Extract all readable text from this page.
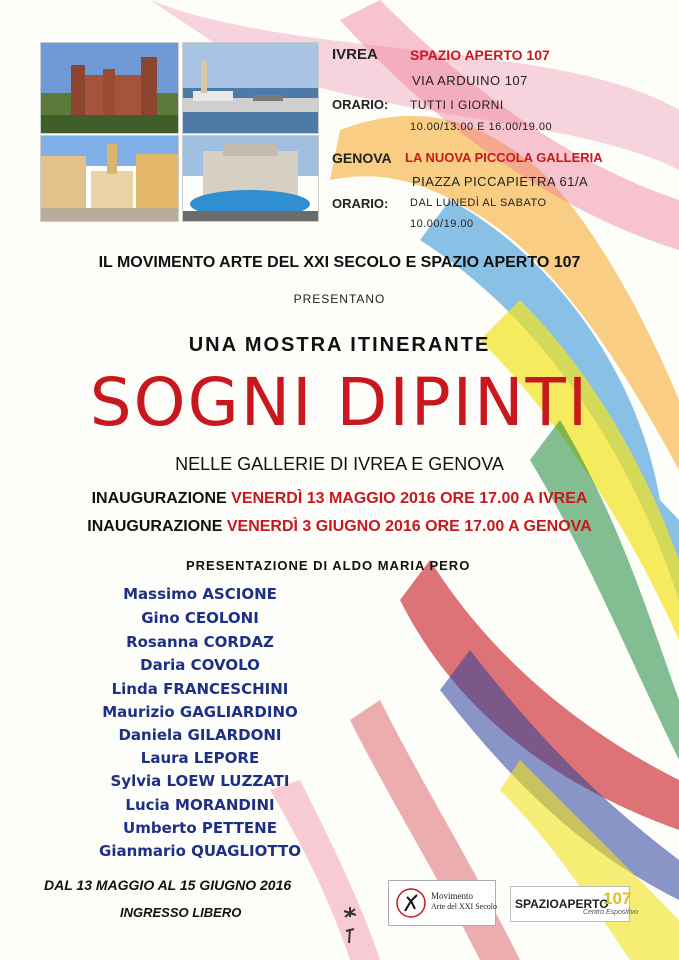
IVREA SPAZIO APERTO 107
VIA ARDUINO 107
ORARIO: TUTTI I GIORNI
10.00/13.00 E 16.00/19.00
GENOVA LA NUOVA PICCOLA GALLERIA
PIAZZA PICCAPIETRA 61/A
ORARIO: DAL LUNEDÌ AL SABATO
10.00/19.00
IL MOVIMENTO ARTE DEL XXI SECOLO E SPAZIO APERTO 107
PRESENTANO
UNA MOSTRA ITINERANTE
SOGNI DIPINTI
NELLE GALLERIE DI IVREA E GENOVA
INAUGURAZIONE VENERDÌ 13 MAGGIO 2016 ORE 17.00 A IVREA
INAUGURAZIONE VENERDÌ 3 GIUGNO 2016 ORE 17.00 A GENOVA
PRESENTAZIONE DI ALDO MARIA PERO
Massimo ASCIONE
Gino CEOLONI
Rosanna CORDAZ
Daria COVOLO
Linda FRANCESCHINI
Maurizio GAGLIARDINO
Daniela GILARDONI
Laura LEPORE
Sylvia LOEW LUZZATI
Lucia MORANDINI
Umberto PETTENE
Gianmario QUAGLIOTTO
DAL 13 MAGGIO AL 15 GIUGNO 2016
INGRESSO LIBERO
Movimento
Arte del XXI Secolo SPAZIOAPERTO
107
Centro Espositivo
